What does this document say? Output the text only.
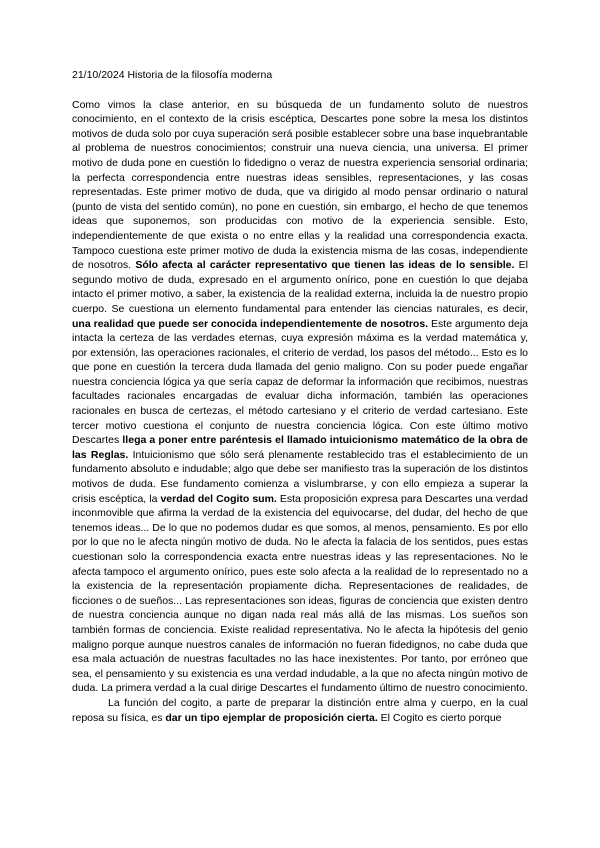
21/10/2024 Historia de la filosofía moderna

Como vimos la clase anterior, en su búsqueda de un fundamento soluto de nuestros conocimiento, en el contexto de la crisis escéptica, Descartes pone sobre la mesa los distintos motivos de duda solo por cuya superación será posible establecer sobre una base inquebrantable al problema de nuestros conocimientos; construir una nueva ciencia, una universa. El primer motivo de duda pone en cuestión lo fidedigno o veraz de nuestra experiencia sensorial ordinaria; la perfecta correspondencia entre nuestras ideas sensibles, representaciones, y las cosas representadas. Este primer motivo de duda, que va dirigido al modo pensar ordinario o natural (punto de vista del sentido común), no pone en cuestión, sin embargo, el hecho de que tenemos ideas que suponemos, son producidas con motivo de la experiencia sensible. Esto, independientemente de que exista o no entre ellas y la realidad una correspondencia exacta. Tampoco cuestiona este primer motivo de duda la existencia misma de las cosas, independiente de nosotros. Sólo afecta al carácter representativo que tienen las ideas de lo sensible. El segundo motivo de duda, expresado en el argumento onírico, pone en cuestión lo que dejaba intacto el primer motivo, a saber, la existencia de la realidad externa, incluida la de nuestro propio cuerpo. Se cuestiona un elemento fundamental para entender las ciencias naturales, es decir, una realidad que puede ser conocida independientemente de nosotros. Este argumento deja intacta la certeza de las verdades eternas, cuya expresión máxima es la verdad matemática y, por extensión, las operaciones racionales, el criterio de verdad, los pasos del método... Esto es lo que pone en cuestión la tercera duda llamada del genio maligno. Con su poder puede engañar nuestra conciencia lógica ya que sería capaz de deformar la información que recibimos, nuestras facultades racionales encargadas de evaluar dicha información, también las operaciones racionales en busca de certezas, el método cartesiano y el criterio de verdad cartesiano. Este tercer motivo cuestiona el conjunto de nuestra conciencia lógica. Con este último motivo Descartes llega a poner entre paréntesis el llamado intuicionismo matemático de la obra de las Reglas. Intuicionismo que sólo será plenamente restablecido tras el establecimiento de un fundamento absoluto e indudable; algo que debe ser manifiesto tras la superación de los distintos motivos de duda. Ese fundamento comienza a vislumbrarse, y con ello empieza a superar la crisis escéptica, la verdad del Cogito sum. Esta proposición expresa para Descartes una verdad inconmovible que afirma la verdad de la existencia del equivocarse, del dudar, del hecho de que tenemos ideas... De lo que no podemos dudar es que somos, al menos, pensamiento. Es por ello por lo que no le afecta ningún motivo de duda. No le afecta la falacia de los sentidos, pues estas cuestionan solo la correspondencia exacta entre nuestras ideas y las representaciones. No le afecta tampoco el argumento onírico, pues este solo afecta a la realidad de lo representado no a la existencia de la representación propiamente dicha. Representaciones de realidades, de ficciones o de sueños... Las representaciones son ideas, figuras de conciencia que existen dentro de nuestra conciencia aunque no digan nada real más allá de las mismas. Los sueños son también formas de conciencia. Existe realidad representativa. No le afecta la hipótesis del genio maligno porque aunque nuestros canales de información no fueran fidedignos, no cabe duda que esa mala actuación de nuestras facultades no las hace inexistentes. Por tanto, por erróneo que sea, el pensamiento y su existencia es una verdad indudable, a la que no afecta ningún motivo de duda. La primera verdad a la cual dirige Descartes el fundamento último de nuestro conocimiento.

La función del cogito, a parte de preparar la distinción entre alma y cuerpo, en la cual reposa su física, es dar un tipo ejemplar de proposición cierta. El Cogito es cierto porque
